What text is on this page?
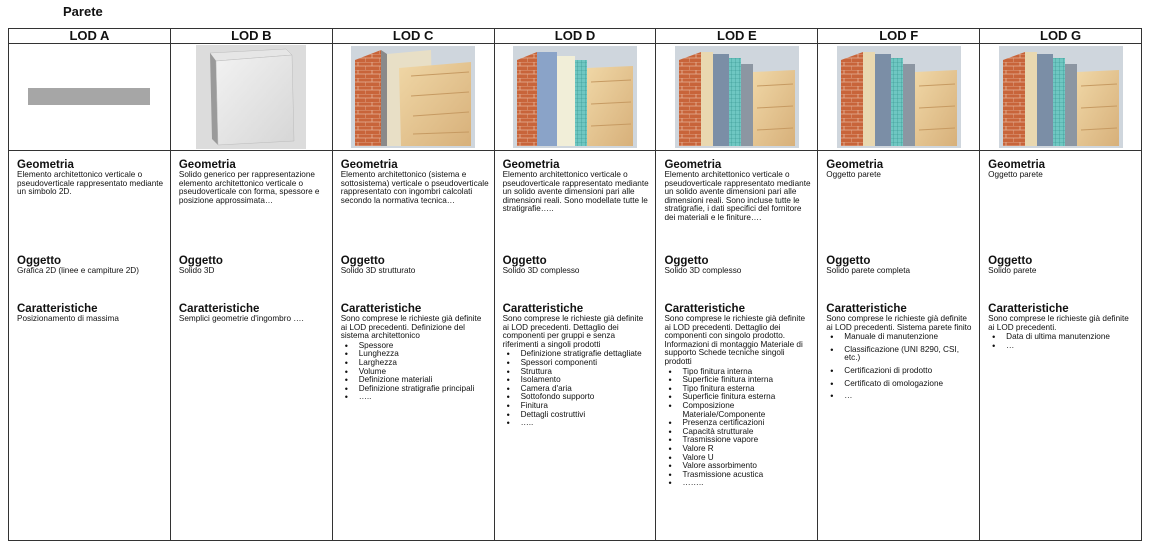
Parete
LOD A
Geometria
Elemento architettonico verticale o pseudoverticale rappresentato mediante un simbolo 2D.
Oggetto
Grafica 2D (linee e campiture 2D)
Caratteristiche
Posizionamento di massima
LOD B
Geometria
Solido generico per rappresentazione elemento architettonico verticale o pseudoverticale con forma, spessore e posizione approssimata…
Oggetto
Solido 3D
Caratteristiche
Semplici geometrie d'ingombro ….
LOD C
Geometria
Elemento architettonico (sistema e sottosistema) verticale o pseudoverticale rappresentato con ingombri calcolati secondo la normativa tecnica…
Oggetto
Solido 3D strutturato
Caratteristiche
Sono comprese le richieste già definite ai LOD precedenti. Definizione del sistema architettonico
• Spessore
• Lunghezza
• Larghezza
• Volume
• Definizione materiali
• Definizione stratigrafie principali
• …..
LOD D
Geometria
Elemento architettonico verticale o pseudoverticale rappresentato mediante un solido avente dimensioni pari alle dimensioni reali. Sono modellate tutte le stratigrafie…..
Oggetto
Solido 3D complesso
Caratteristiche
Sono comprese le richieste già definite ai LOD precedenti. Dettaglio dei componenti per gruppi e senza riferimenti a singoli prodotti
• Definizione stratigrafie dettagliate
• Spessori componenti
• Struttura
• Isolamento
• Camera d'aria
• Sottofondo supporto
• Finitura
• Dettagli costruttivi
• …..
LOD E
Geometria
Elemento architettonico verticale o pseudoverticale rappresentato mediante un solido avente dimensioni pari alle dimensioni reali. Sono incluse tutte le stratigrafie, i dati specifici del fornitore dei materiali e le finiture….
Oggetto
Solido 3D complesso
Caratteristiche
Sono comprese le richieste già definite ai LOD precedenti. Dettaglio dei componenti con singolo prodotto. Informazioni di montaggio Materiale di supporto Schede tecniche singoli prodotti
• Tipo finitura interna
• Superficie finitura interna
• Tipo finitura esterna
• Superficie finitura esterna
• Composizione Materiale/Componente
• Presenza certificazioni
• Capacità strutturale
• Trasmissione vapore
• Valore R
• Valore U
• Valore assorbimento
• Trasmissione acustica
• ……..
LOD F
Geometria
Oggetto parete
Oggetto
Solido parete completa
Caratteristiche
Sono comprese le richieste già definite ai LOD precedenti. Sistema parete finito
• Manuale di manutenzione
• Classificazione (UNI 8290, CSI, etc.)
• Certificazioni di prodotto
• Certificato di omologazione
• …
LOD G
Geometria
Oggetto parete
Oggetto
Solido parete
Caratteristiche
Sono comprese le richieste già definite ai LOD precedenti.
• Data di ultima manutenzione
• …
